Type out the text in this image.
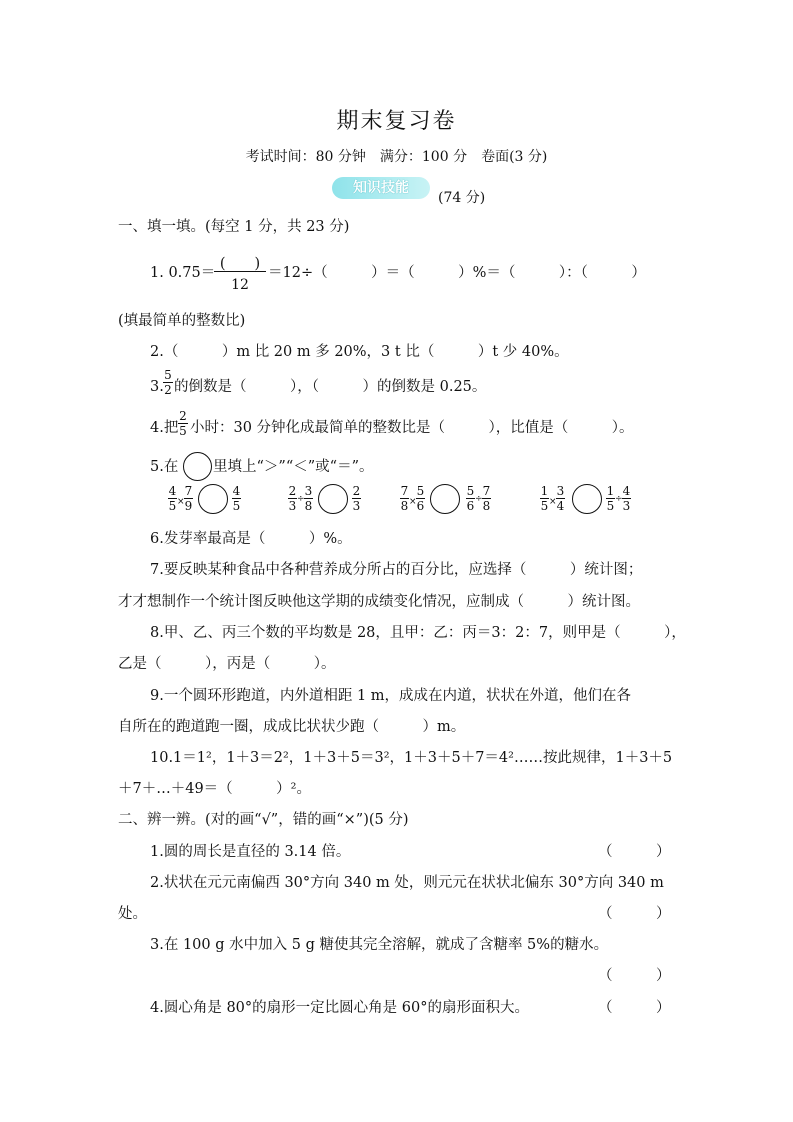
期末复习卷
考试时间：80 分钟　满分：100 分　卷面(3 分)
知识技能
(74 分)
一、填一填。(每空 1 分，共 23 分)
1. 0.75＝
(　　)
12
＝12÷（　　　）＝（　　　）%＝（　　　）：（　　　）
(填最简单的整数比)
2.（　　　）m 比 20 m 多 20%，3 t 比（　　　）t 少 40%。
3.
5
2 的倒数是（　　　），（　　　）的倒数是 0.25。
4.把
2
5 小时：30 分钟化成最简单的整数比是（　　　），比值是（　　　）。
5.在 里填上“＞”“＜”或“＝”。
4
5 ×
7
9
4
5
2
3 ÷
3
8
2
3
7
8 ×
5
6
5
6 ÷
7
8
1
5 ×
3
4
1
5 ÷
4
3
6.发芽率最高是（　　　）%。
7.要反映某种食品中各种营养成分所占的百分比，应选择（　　　）统计图；
才才想制作一个统计图反映他这学期的成绩变化情况，应制成（　　　）统计图。
8.甲、乙、丙三个数的平均数是 28，且甲：乙：丙＝3：2：7，则甲是（　　　），
乙是（　　　），丙是（　　　）。
9.一个圆环形跑道，内外道相距 1 m，成成在内道，状状在外道，他们在各
自所在的跑道跑一圈，成成比状状少跑（　　　）m。
10.1＝1²，1＋3＝2²，1＋3＋5＝3²，1＋3＋5＋7＝4²……按此规律，1＋3＋5
＋7＋…＋49＝（　　　）²。
二、辨一辨。(对的画“√”，错的画“×”)(5 分)
1.圆的周长是直径的 3.14 倍。	（　　　）
2.状状在元元南偏西 30°方向 340 m 处，则元元在状状北偏东 30°方向 340 m
处。	（　　　）
3.在 100 g 水中加入 5 g 糖使其完全溶解，就成了含糖率 5%的糖水。
（　　　）
4.圆心角是 80°的扇形一定比圆心角是 60°的扇形面积大。	（　　　）
